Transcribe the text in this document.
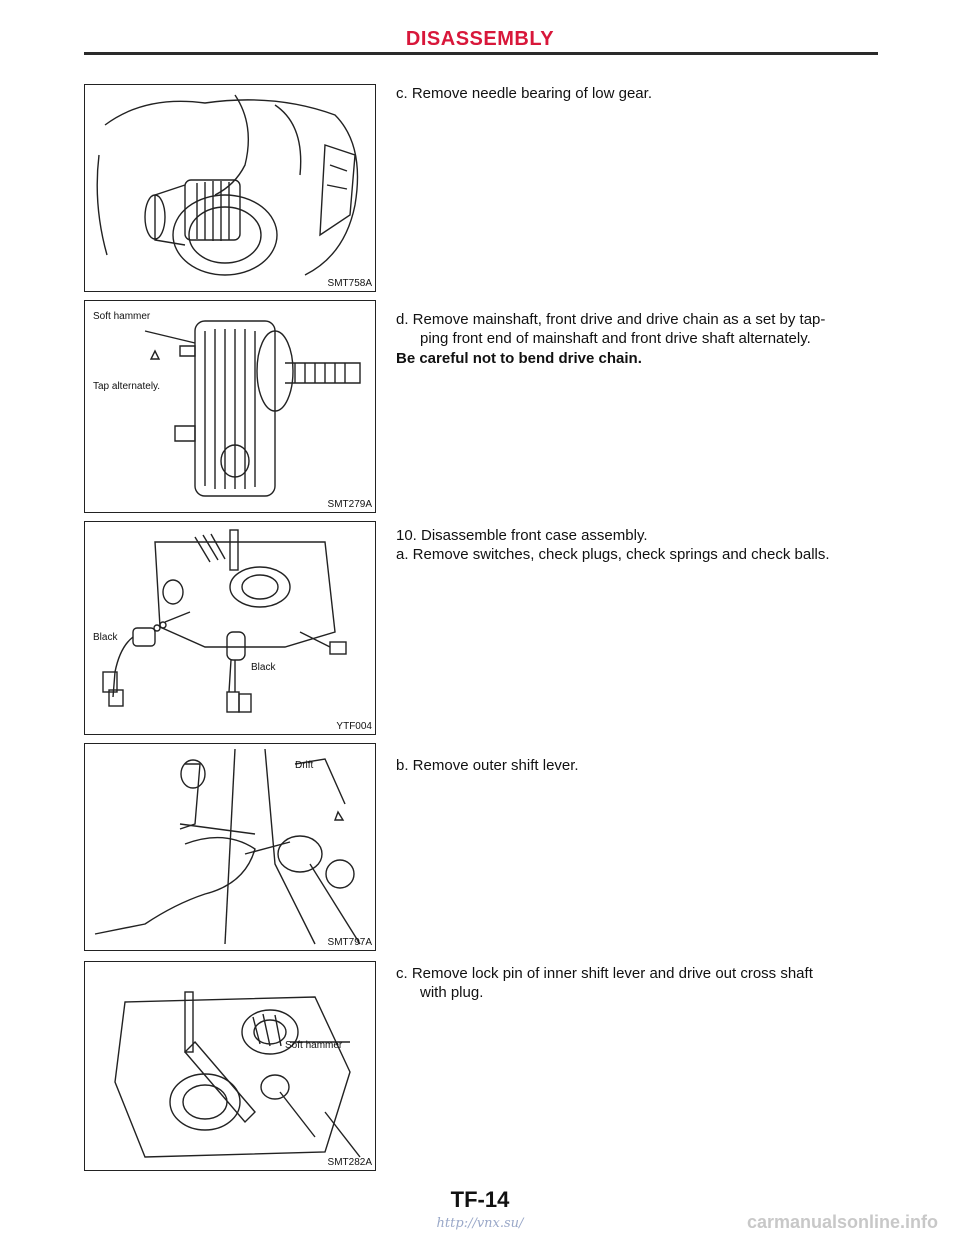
DISASSEMBLY
SMT758A
Soft hammer
Tap alternately.
SMT279A
Black
Black
YTF004
Drift
SMT797A
Soft hammer
SMT282A
c. Remove needle bearing of low gear.
d. Remove mainshaft, front drive and drive chain as a set by tap-
ping front end of mainshaft and front drive shaft alternately.
Be careful not to bend drive chain.
10. Disassemble front case assembly.
a. Remove switches, check plugs, check springs and check balls.
b. Remove outer shift lever.
c. Remove lock pin of inner shift lever and drive out cross shaft
with plug.
TF-14
http://vnx.su/	carmanualsonline.info
